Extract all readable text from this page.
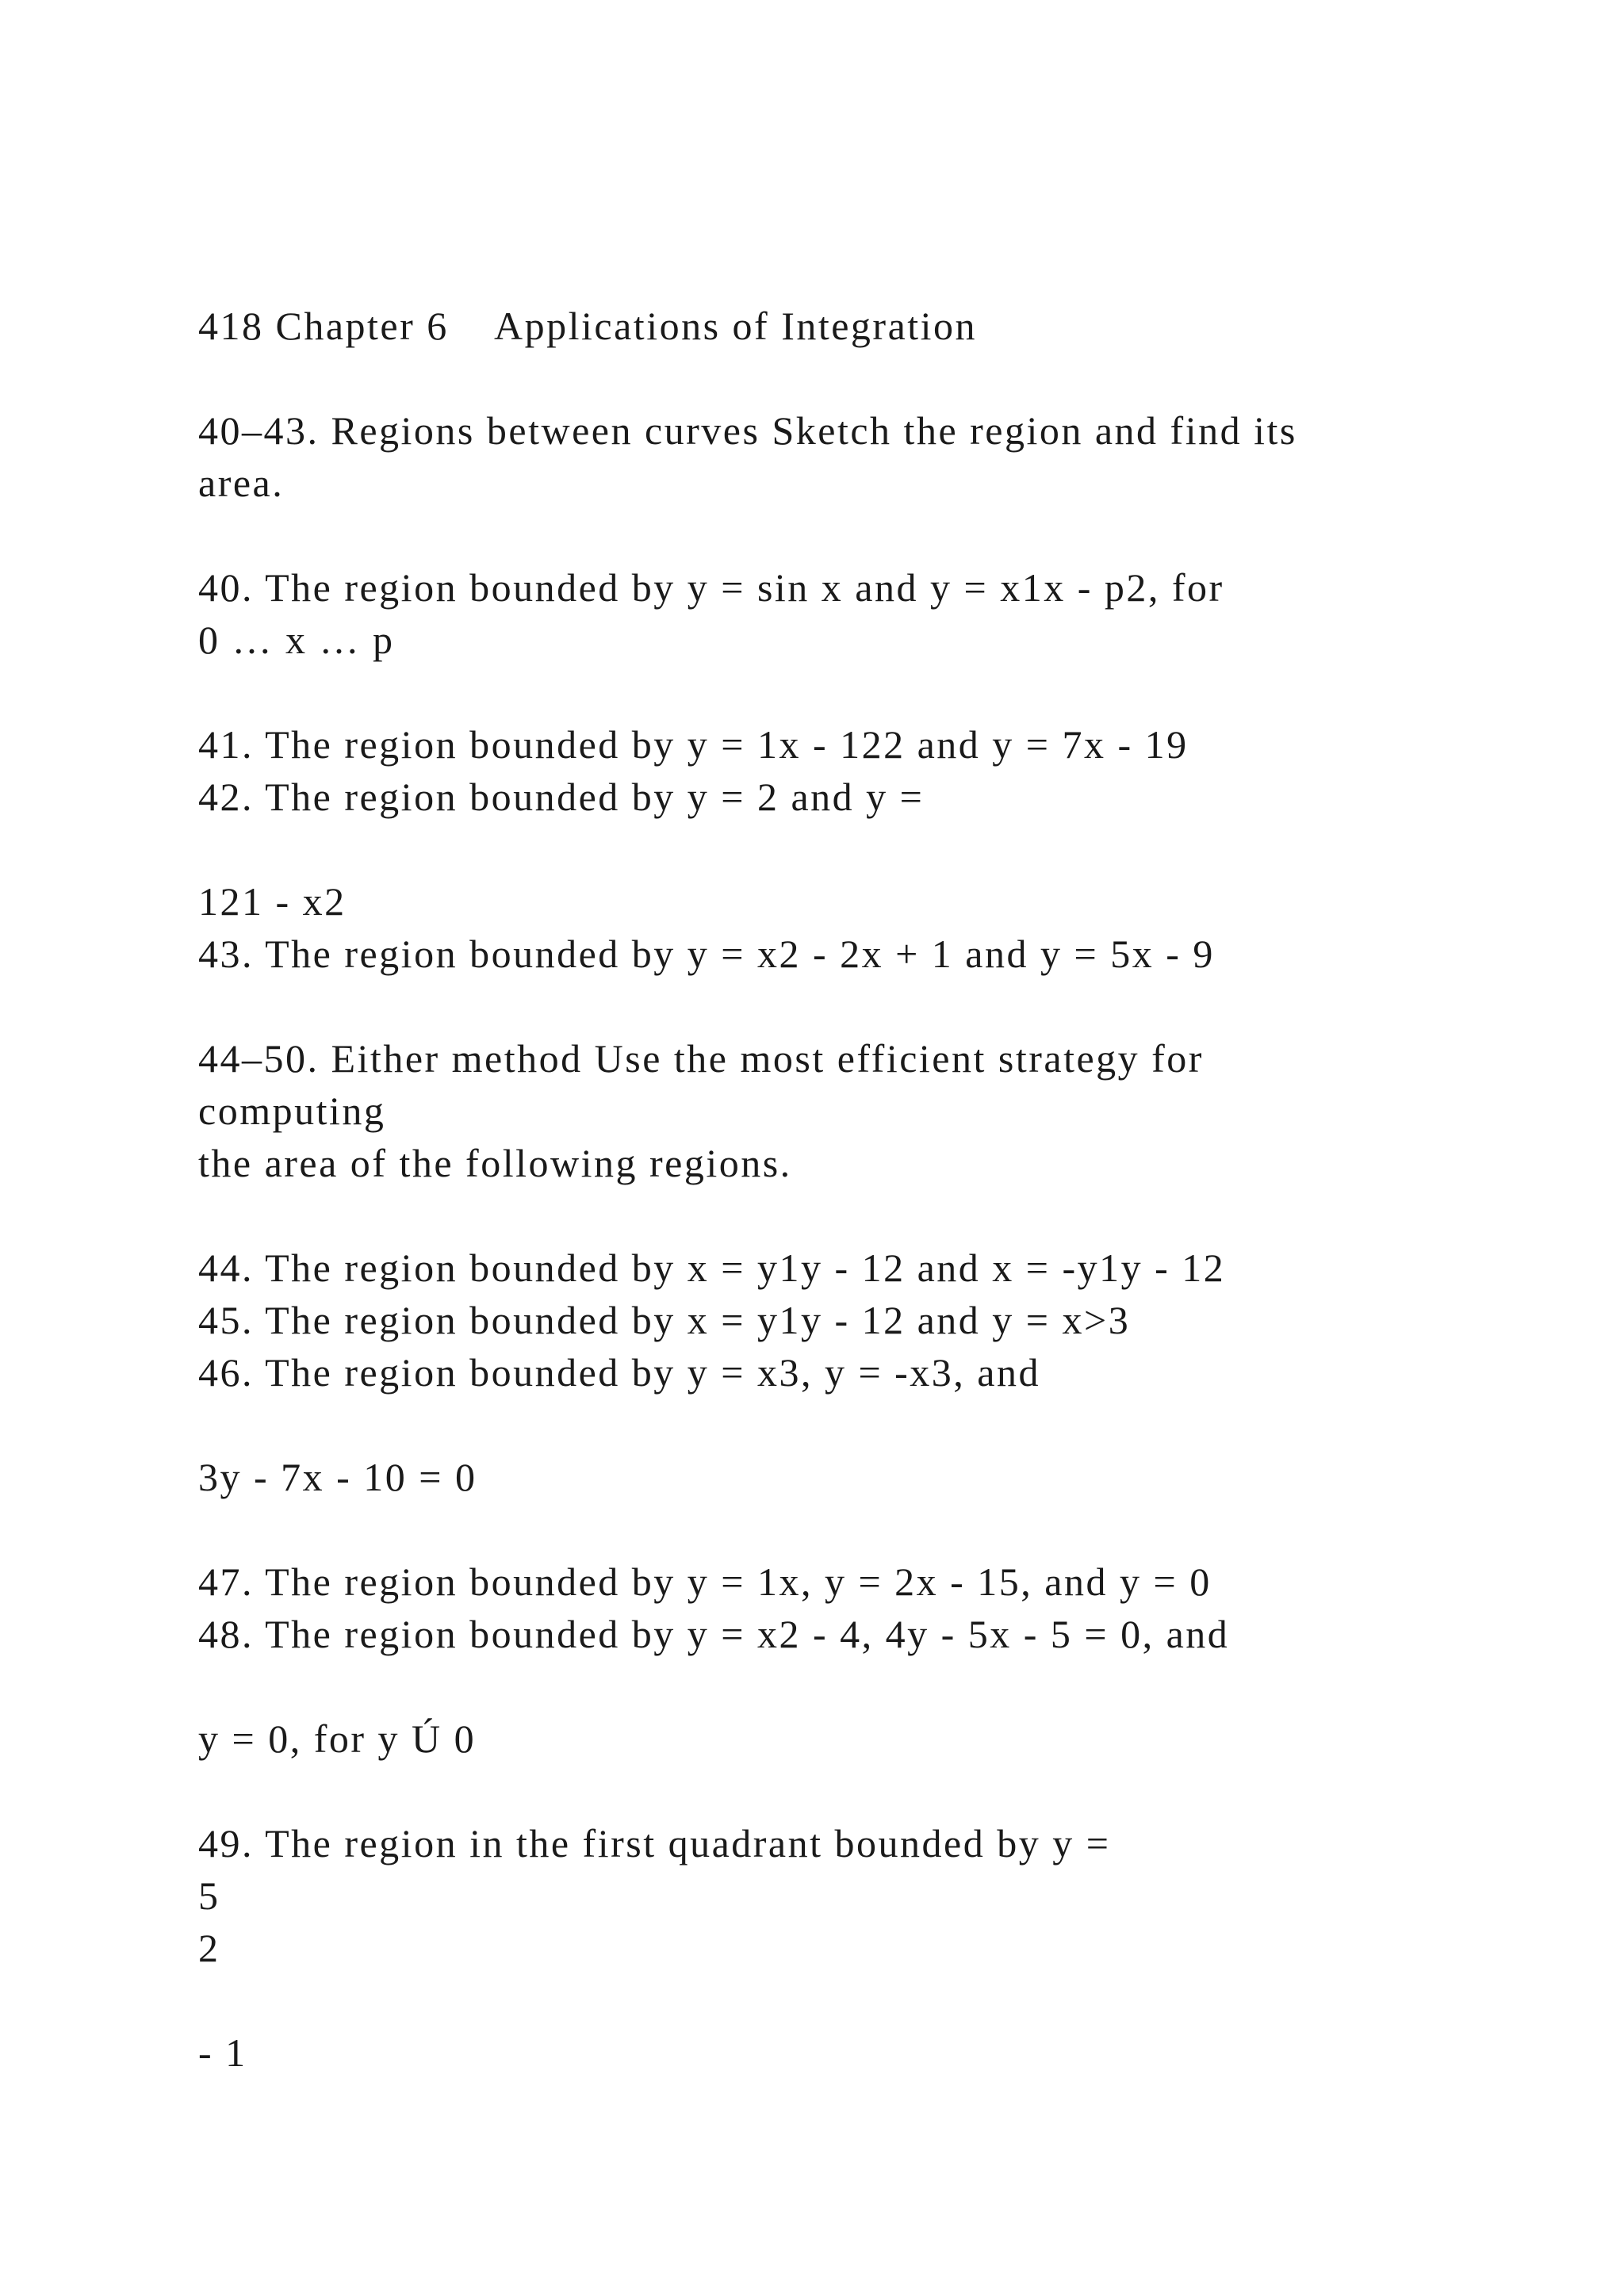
418 Chapter 6 Applications of Integration
40–43. Regions between curves Sketch the region and find its
area.
40. The region bounded by y = sin x and y = x1x - p2, for
0 … x … p
41. The region bounded by y = 1x - 122 and y = 7x - 19
42. The region bounded by y = 2 and y =
121 - x2
43. The region bounded by y = x2 - 2x + 1 and y = 5x - 9
44–50. Either method Use the most efficient strategy for
computing
the area of the following regions.
44. The region bounded by x = y1y - 12 and x = -y1y - 12
45. The region bounded by x = y1y - 12 and y = x>3
46. The region bounded by y = x3, y = -x3, and
3y - 7x - 10 = 0
47. The region bounded by y = 1x, y = 2x - 15, and y = 0
48. The region bounded by y = x2 - 4, 4y - 5x - 5 = 0, and
y = 0, for y Ú 0
49. The region in the first quadrant bounded by y =
5
2
- 1
